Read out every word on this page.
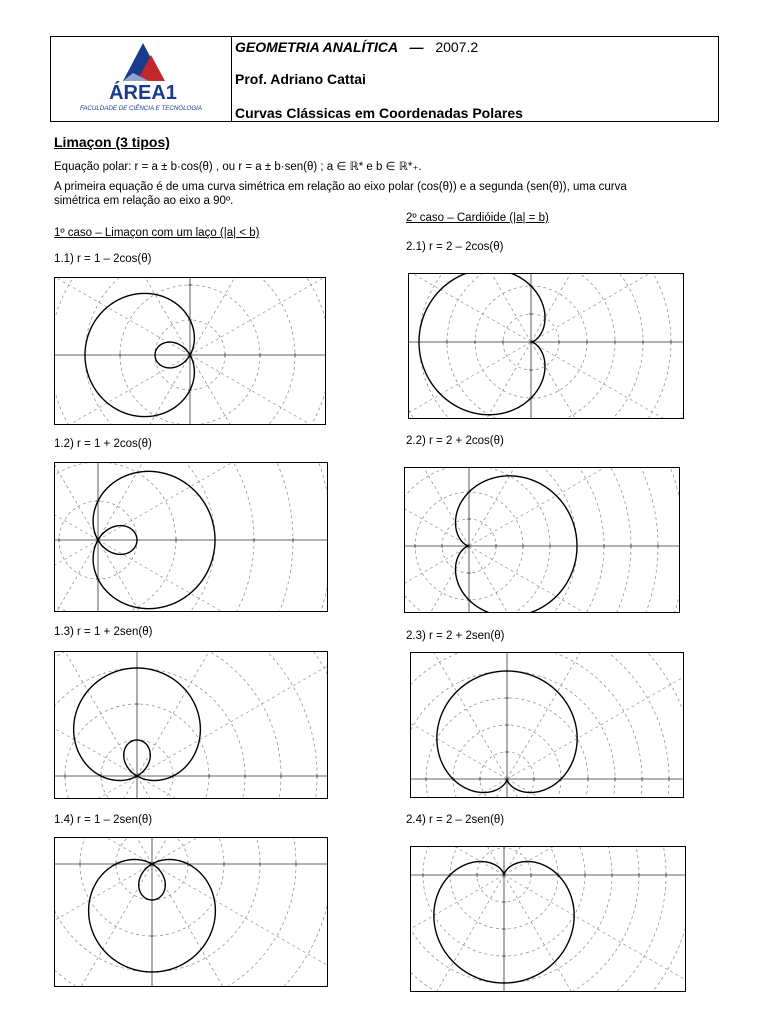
ÁREA1
FACULDADE DE CIÊNCIA E TECNOLOGIA
GEOMETRIA ANALÍTICA — 2007.2
Prof. Adriano Cattai
Curvas Clássicas em Coordenadas Polares
Limaçon (3 tipos)
Equação polar: r = a ± b·cos(θ) , ou r = a ± b·sen(θ) ; a ∈ ℝ* e b ∈ ℝ*₊.
A primeira equação é de uma curva simétrica em relação ao eixo polar (cos(θ)) e a segunda (sen(θ)), uma curva
simétrica em relação ao eixo a 90º.
1º caso – Limaçon com um laço (|a| < b)
2º caso – Cardióide (|a| = b)
1.1) r = 1 – 2cos(θ)
1.2) r = 1 + 2cos(θ)
1.3) r = 1 + 2sen(θ)
1.4) r = 1 – 2sen(θ)
2.1) r = 2 – 2cos(θ)
2.2) r = 2 + 2cos(θ)
2.3) r = 2 + 2sen(θ)
2.4) r = 2 – 2sen(θ)
